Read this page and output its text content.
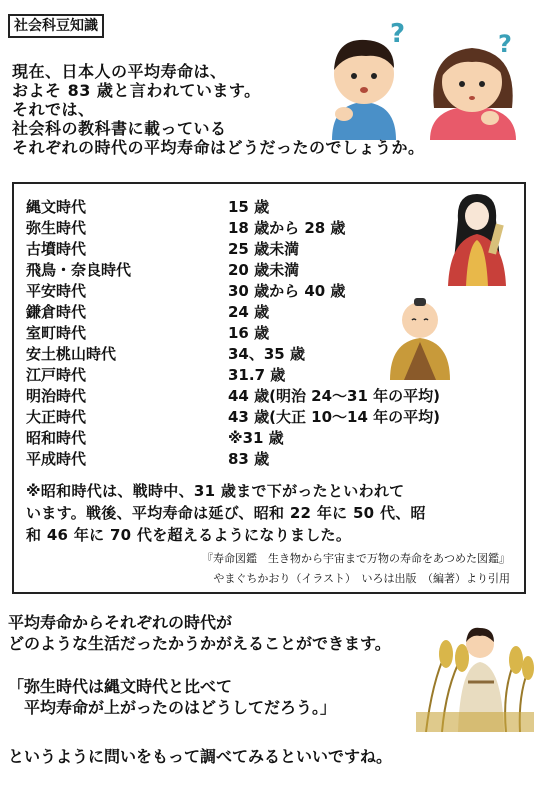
社会科豆知識	?	?
現在、日本人の平均寿命は、
およそ 83 歳と言われています。
それでは、
社会科の教科書に載っている
それぞれの時代の平均寿命はどうだったのでしょうか。
縄文時代	15 歳
弥生時代	18 歳から 28 歳
古墳時代	25 歳未満
飛鳥・奈良時代	20 歳未満
平安時代	30 歳から 40 歳
鎌倉時代	24 歳
室町時代	16 歳
安土桃山時代	34、35 歳
江戸時代	31.7 歳
明治時代	44 歳(明治 24～31 年の平均)
大正時代	43 歳(大正 10～14 年の平均)
昭和時代	※31 歳
平成時代	83 歳
※昭和時代は、戦時中、31 歳まで下がったといわれて
います。戦後、平均寿命は延び、昭和 22 年に 50 代、昭
和 46 年に 70 代を超えるようになりました。
『寿命図鑑　生き物から宇宙まで万物の寿命をあつめた図鑑』
やまぐちかおり（イラスト）　いろは出版　（編著）より引用
平均寿命からそれぞれの時代が
どのような生活だったかうかがえることができます。
「弥生時代は縄文時代と比べて
　平均寿命が上がったのはどうしてだろう。」
というように問いをもって調べてみるといいですね。
